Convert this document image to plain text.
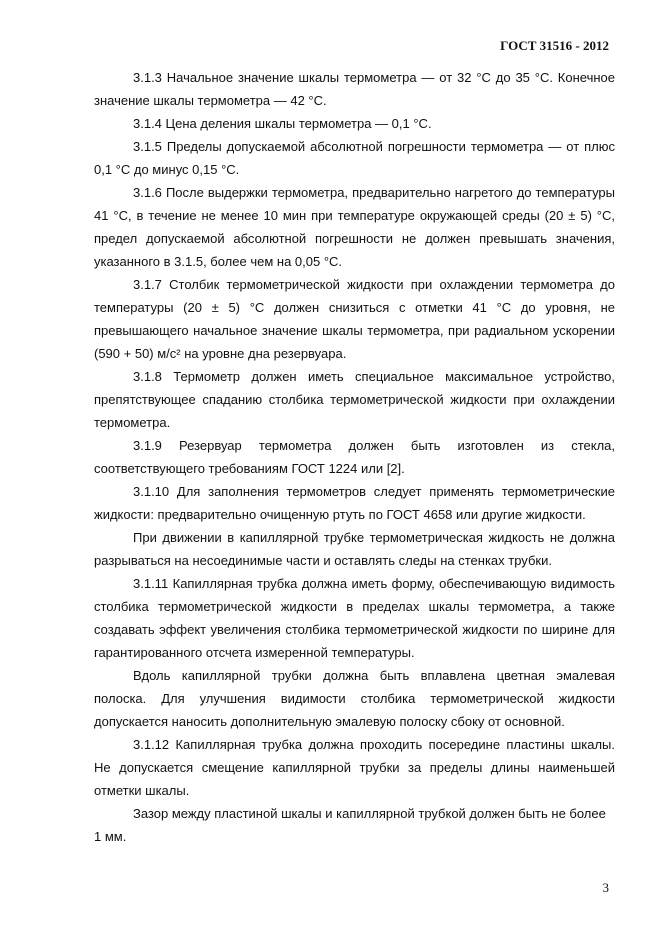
ГОСТ 31516 - 2012

3.1.3 Начальное значение шкалы термометра — от 32 °С до 35 °С. Конечное значение шкалы термометра — 42 °С.

3.1.4 Цена деления шкалы термометра — 0,1 °С.

3.1.5 Пределы допускаемой абсолютной погрешности термометра — от плюс 0,1 °С до минус 0,15 °С.

3.1.6 После выдержки термометра, предварительно нагретого до температуры 41 °С, в течение не менее 10 мин при температуре окружающей среды (20 ± 5) °С, предел допускаемой абсолютной погрешности не должен превышать значения, указанного в 3.1.5, более чем на 0,05 °С.

3.1.7 Столбик термометрической жидкости при охлаждении термометра до температуры (20 ± 5) °С должен снизиться с отметки 41 °С до уровня, не превышающего начальное значение шкалы термометра, при радиальном ускорении (590 + 50) м/с² на уровне дна резервуара.

3.1.8 Термометр должен иметь специальное максимальное устройство, препятствующее спаданию столбика термометрической жидкости при охлаждении термометра.

3.1.9 Резервуар термометра должен быть изготовлен из стекла, соответствующего требованиям ГОСТ 1224 или [2].

3.1.10 Для заполнения термометров следует применять термометрические жидкости: предварительно очищенную ртуть по ГОСТ 4658 или другие жидкости.

При движении в капиллярной трубке термометрическая жидкость не должна разрываться на несоединимые части и оставлять следы на стенках трубки.

3.1.11 Капиллярная трубка должна иметь форму, обеспечивающую видимость столбика термометрической жидкости в пределах шкалы термометра, а также создавать эффект увеличения столбика термометрической жидкости по ширине для гарантированного отсчета измеренной температуры.

Вдоль капиллярной трубки должна быть вплавлена цветная эмалевая полоска. Для улучшения видимости столбика термометрической жидкости допускается наносить дополнительную эмалевую полоску сбоку от основной.

3.1.12 Капиллярная трубка должна проходить посередине пластины шкалы. Не допускается смещение капиллярной трубки за пределы длины наименьшей отметки шкалы.

Зазор между пластиной шкалы и капиллярной трубкой должен быть не более 1 мм.

3
